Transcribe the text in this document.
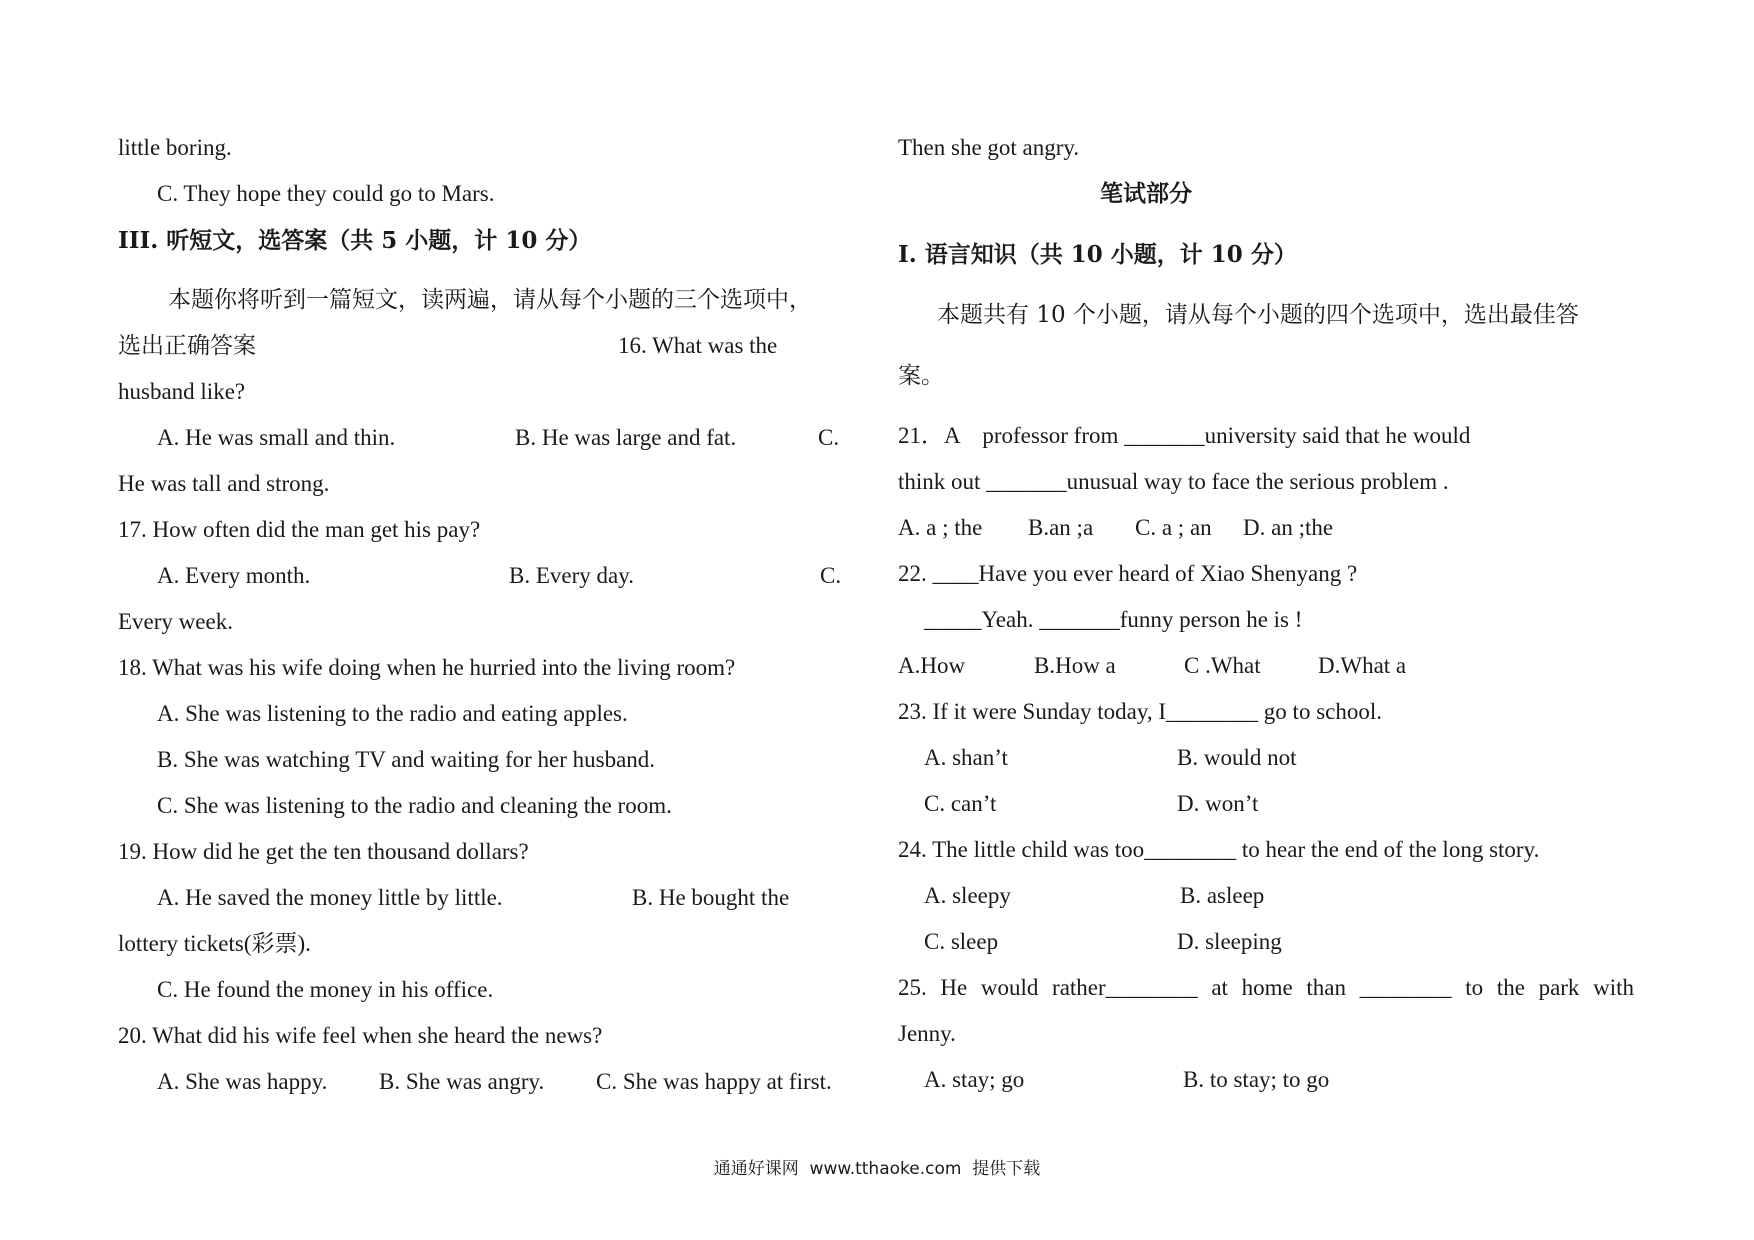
little boring.
C. They hope they could go to Mars.
III. 听短文，选答案（共 5 小题，计 10 分）
本题你将听到一篇短文，读两遍，请从每个小题的三个选项中，
选出正确答案	16. What was the
husband like?
A. He was small and thin.	B. He was large and fat.	C.
He was tall and strong.
17. How often did the man get his pay?
A. Every month.	B. Every day.	C.
Every week.
18. What was his wife doing when he hurried into the living room?
A. She was listening to the radio and eating apples.
B. She was watching TV and waiting for her husband.
C. She was listening to the radio and cleaning the room.
19. How did he get the ten thousand dollars?
A. He saved the money little by little.	B. He bought the
lottery tickets(彩票).
C. He found the money in his office.
20. What did his wife feel when she heard the news?
A. She was happy. B. She was angry. C. She was happy at first.
Then she got angry.
笔试部分
I. 语言知识（共 10 小题，计 10 分）
本题共有 10 个小题，请从每个小题的四个选项中，选出最佳答
案。
21．A    professor from _______university said that he would
think out _______unusual way to face the serious problem .
A. a ; the B.an ;a C. a ; an D. an ;the
22. ____Have you ever heard of Xiao Shenyang ?
_____Yeah. _______funny person he is !
A.How	B.How a	C .What D.What a
23. If it were Sunday today, I________ go to school.
A. shan’t	B. would not
C. can’t	D. won’t
24. The little child was too________ to hear the end of the long story.
A. sleepy	B. asleep
C. sleep	D. sleeping
25. He would rather________ at home than ________ to the park with
Jenny.
A. stay; go	B. to stay; to go
通通好课网  www.tthaoke.com  提供下载
